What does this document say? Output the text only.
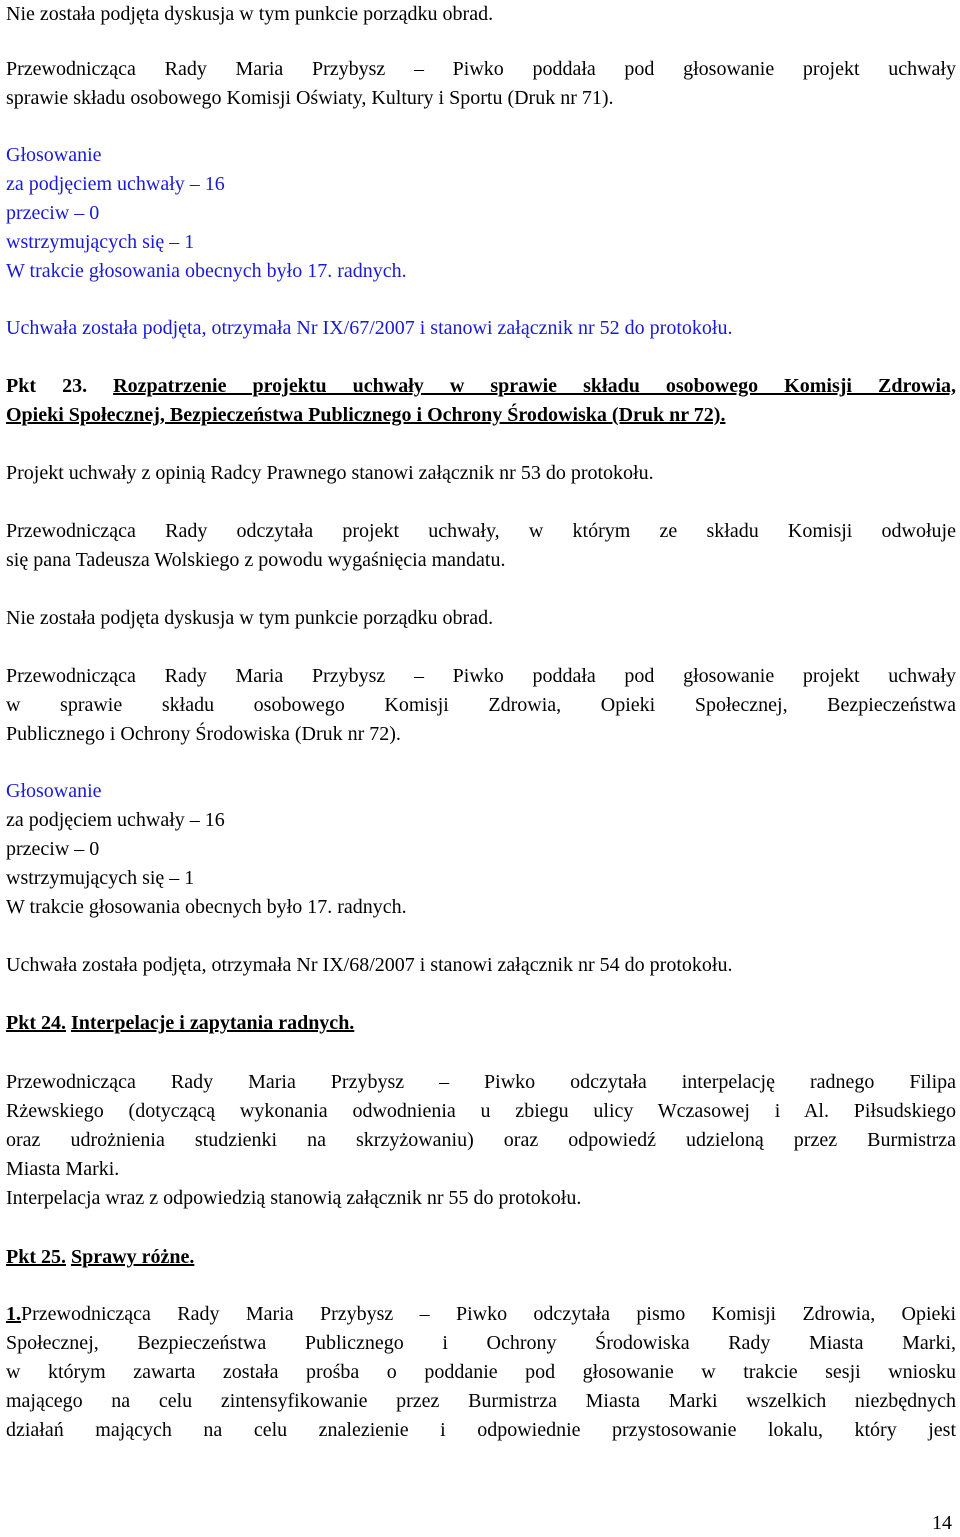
Nie została podjęta dyskusja w tym punkcie porządku obrad.

Przewodnicząca Rady Maria Przybysz – Piwko poddała pod głosowanie projekt uchwały

sprawie składu osobowego Komisji Oświaty, Kultury i Sportu (Druk nr 71).

Głosowanie

za podjęciem uchwały – 16

przeciw – 0

wstrzymujących się – 1

W trakcie głosowania obecnych było 17. radnych.

Uchwała została podjęta, otrzymała Nr IX/67/2007 i stanowi załącznik nr 52 do protokołu.

Pkt 23. Rozpatrzenie projektu uchwały w sprawie składu osobowego Komisji Zdrowia,

Opieki Społecznej, Bezpieczeństwa Publicznego i Ochrony Środowiska (Druk nr 72).

Projekt uchwały z opinią Radcy Prawnego stanowi załącznik nr 53 do protokołu.

Przewodnicząca Rady odczytała projekt uchwały, w którym ze składu Komisji odwołuje

się pana Tadeusza Wolskiego z powodu wygaśnięcia mandatu.

Nie została podjęta dyskusja w tym punkcie porządku obrad.

Przewodnicząca Rady Maria Przybysz – Piwko poddała pod głosowanie projekt uchwały

w sprawie składu osobowego Komisji Zdrowia, Opieki Społecznej, Bezpieczeństwa

Publicznego i Ochrony Środowiska (Druk nr 72).

Głosowanie

za podjęciem uchwały – 16

przeciw – 0

wstrzymujących się – 1

W trakcie głosowania obecnych było 17. radnych.

Uchwała została podjęta, otrzymała Nr IX/68/2007 i stanowi załącznik nr 54 do protokołu.

Pkt 24. Interpelacje i zapytania radnych.

Przewodnicząca Rady Maria Przybysz – Piwko odczytała interpelację radnego Filipa

Rżewskiego (dotyczącą wykonania odwodnienia u zbiegu ulicy Wczasowej i Al. Piłsudskiego

oraz udrożnienia studzienki na skrzyżowaniu) oraz odpowiedź udzieloną przez Burmistrza

Miasta Marki.

Interpelacja wraz z odpowiedzią stanowią załącznik nr 55 do protokołu.

Pkt 25. Sprawy różne.

1.Przewodnicząca Rady Maria Przybysz – Piwko odczytała pismo Komisji Zdrowia, Opieki

Społecznej, Bezpieczeństwa Publicznego i Ochrony Środowiska Rady Miasta Marki,

w którym zawarta została prośba o poddanie pod głosowanie w trakcie sesji wniosku

mającego na celu zintensyfikowanie przez Burmistrza Miasta Marki wszelkich niezbędnych

działań mających na celu znalezienie i odpowiednie przystosowanie lokalu, który jest

14
